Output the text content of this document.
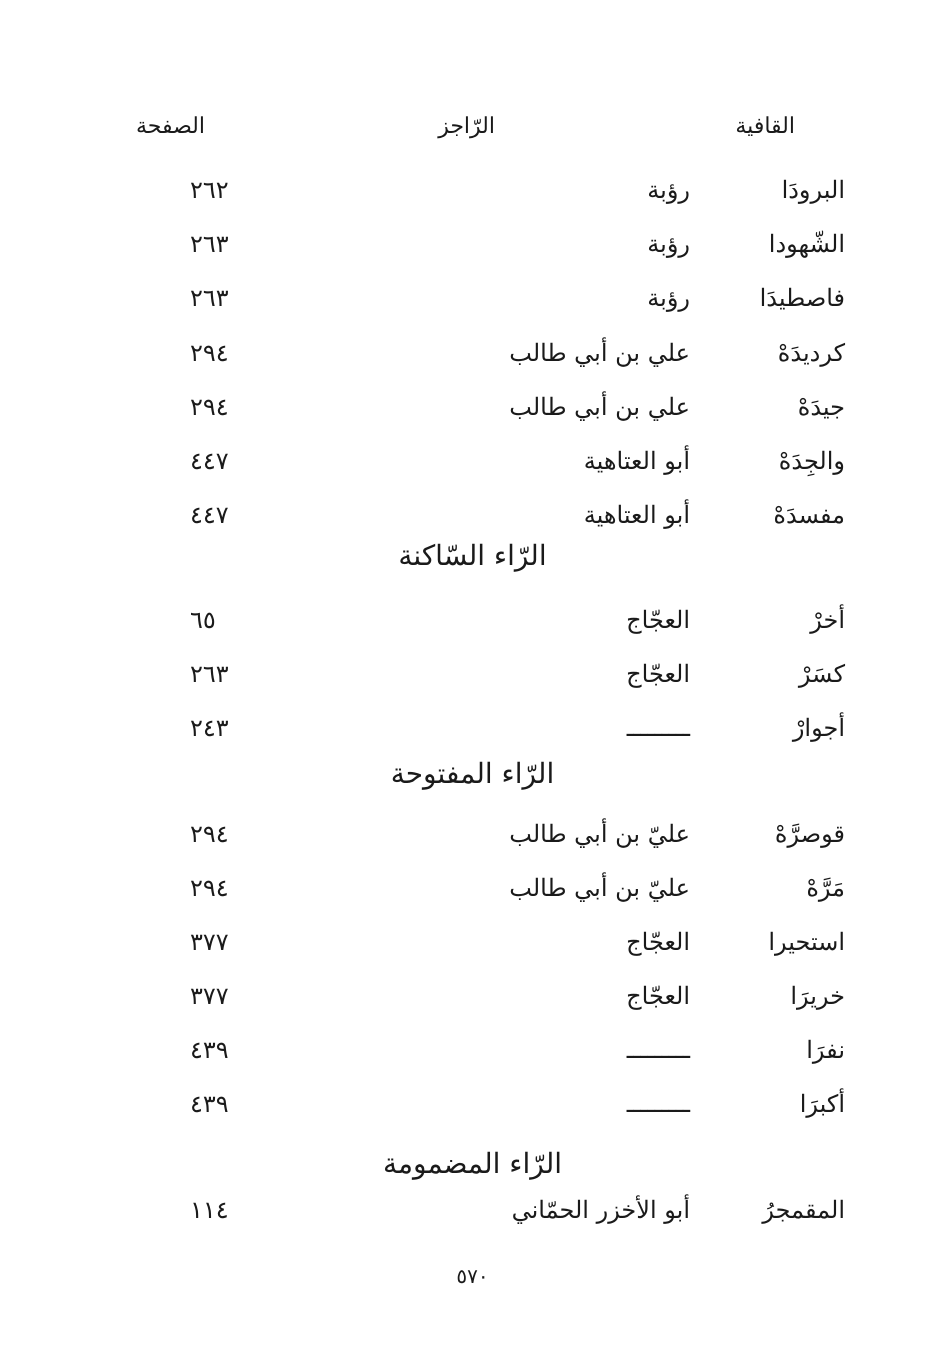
القافية
الرّاجز
الصفحة
البرودَا
رؤبة
٢٦٢
الشّهودا
رؤبة
٢٦٣
فاصطيدَا
رؤبة
٢٦٣
كرديدَهْ
علي بن أبي طالب
٢٩٤
جيدَهْ
علي بن أبي طالب
٢٩٤
والجِدَهْ
أبو العتاهية
٤٤٧
مفسدَهْ
أبو العتاهية
٤٤٧
الرّاء السّاكنة
أخرْ
العجّاج
٦٥
كسَرْ
العجّاج
٢٦٣
أجوارْ
ـــــــــ
٢٤٣
الرّاء المفتوحة
قوصرَّهْ
عليّ بن أبي طالب
٢٩٤
مَرَّهْ
عليّ بن أبي طالب
٢٩٤
استحيرا
العجّاج
٣٧٧
خريرَا
العجّاج
٣٧٧
نفرَا
ـــــــــ
٤٣٩
أكبرَا
ـــــــــ
٤٣٩
الرّاء المضمومة
المقمجرُ
أبو الأخزر الحمّاني
١١٤
٥٧٠
